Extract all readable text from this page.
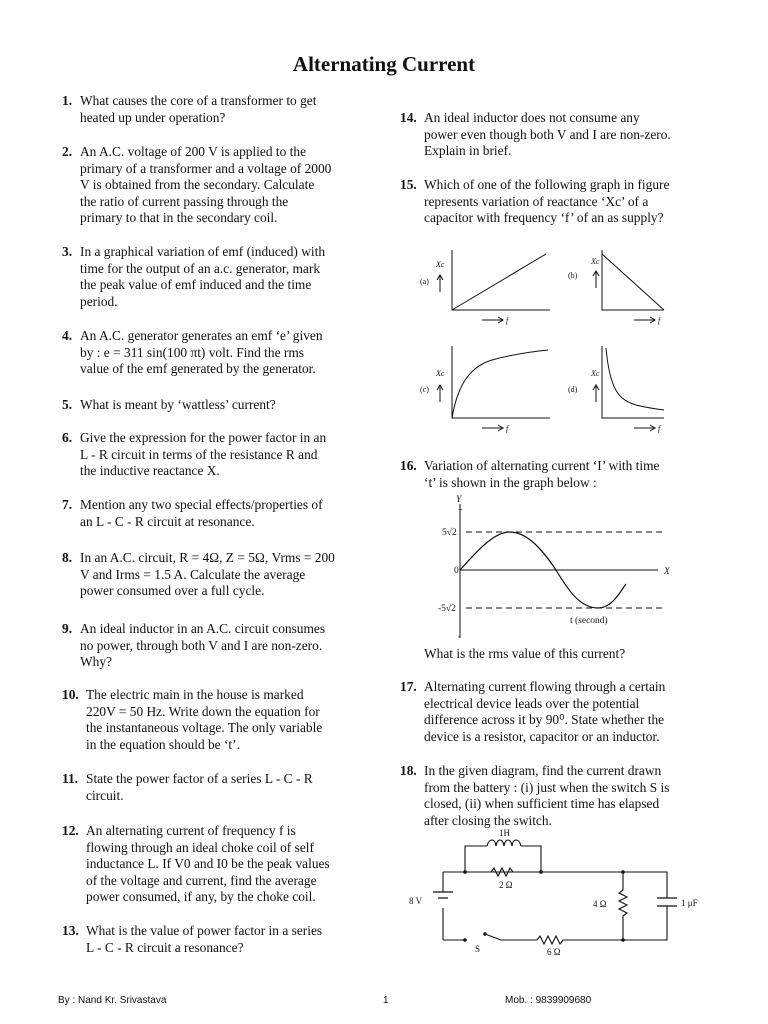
Alternating Current
1. What causes the core of a transformer to get
heated up under operation?
2. An A.C. voltage of 200 V is applied to the
primary of a transformer and a voltage of 2000
V is obtained from the secondary. Calculate
the ratio of current passing through the
primary to that in the secondary coil.
3. In a graphical variation of emf (induced) with
time for the output of an a.c. generator, mark
the peak value of emf induced and the time
period.
4. An A.C. generator generates an emf ‘e’ given
by : e = 311 sin(100 πt) volt. Find the rms
value of the emf generated by the generator.
5. What is meant by ‘wattless’ current?
6. Give the expression for the power factor in an
L - R circuit in terms of the resistance R and
the inductive reactance X.
7. Mention any two special effects/properties of
an L - C - R circuit at resonance.
8. In an A.C. circuit, R = 4Ω, Z = 5Ω, Vrms = 200
V and Irms = 1.5 A. Calculate the average
power consumed over a full cycle.
9. An ideal inductor in an A.C. circuit consumes
no power, through both V and I are non-zero.
Why?
10. The electric main in the house is marked
220V = 50 Hz. Write down the equation for
the instantaneous voltage. The only variable
in the equation should be ‘t’.
11. State the power factor of a series L - C - R
circuit.
12. An alternating current of frequency f is
flowing through an ideal choke coil of self
inductance L. If V0 and I0 be the peak values
of the voltage and current, find the average
power consumed, if any, by the choke coil.
13. What is the value of power factor in a series
L - C - R circuit a resonance?
14. An ideal inductor does not consume any
power even though both V and I are non-zero.
Explain in brief.
15. Which of one of the following graph in figure
represents variation of reactance ‘Xc’ of a
capacitor with frequency ‘f’ of an as supply?
(a)
(b)
(c)	(d)
Xc	Xc
Xc	Xc
f	f
f	f
16. Variation of alternating current ‘I’ with time
‘t’ is shown in the graph below :
Y
+
5√2
0
-5√2
-
X
t (second)
What is the rms value of this current?
17. Alternating current flowing through a certain
electrical device leads over the potential
difference across it by 90⁰. State whether the
device is a resistor, capacitor or an inductor.
18. In the given diagram, find the current drawn
from the battery : (i) just when the switch S is
closed, (ii) when sufficient time has elapsed
after closing the switch.
1H
2 Ω
8 V	4 Ω	1 μF
S	6 Ω
By : Nand Kr. Srivastava	1	Mob. : 9839909680
